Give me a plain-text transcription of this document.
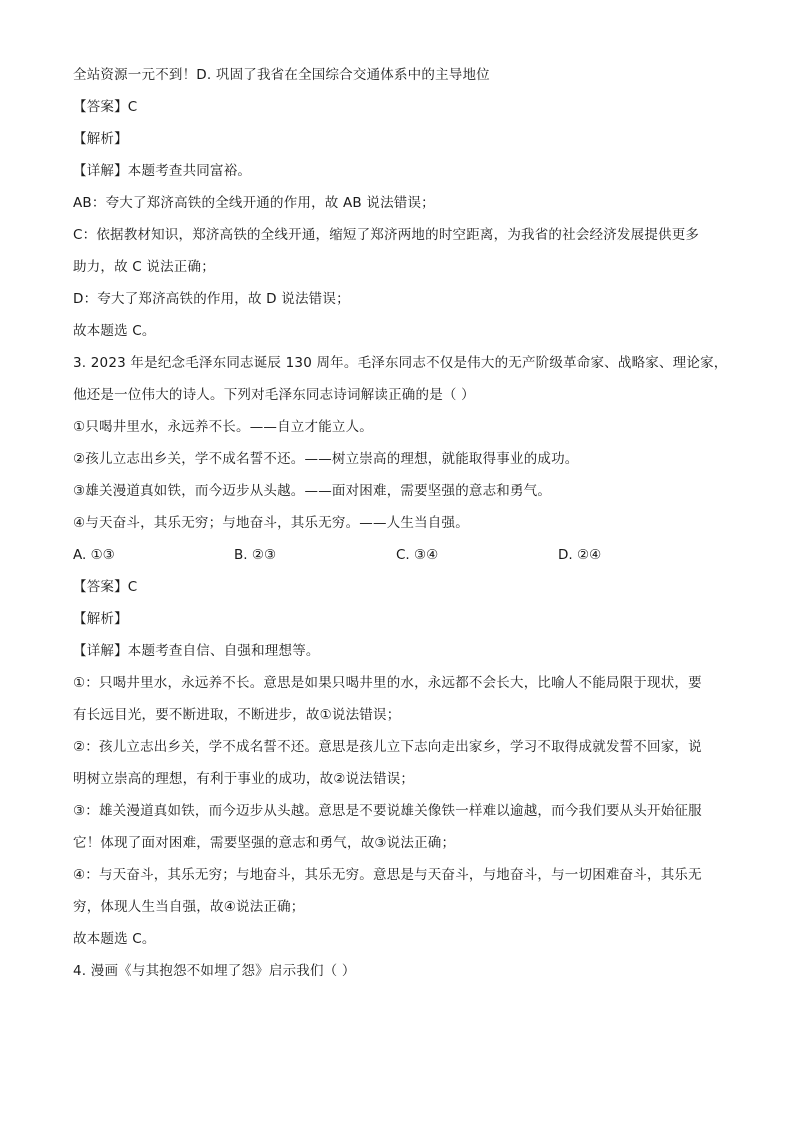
全站资源一元不到！D. 巩固了我省在全国综合交通体系中的主导地位
【答案】C
【解析】
【详解】本题考查共同富裕。
AB：夸大了郑济高铁的全线开通的作用，故 AB 说法错误；
C：依据教材知识，郑济高铁的全线开通，缩短了郑济两地的时空距离，为我省的社会经济发展提供更多
助力，故 C 说法正确；
D：夸大了郑济高铁的作用，故 D 说法错误；
故本题选 C。
3. 2023 年是纪念毛泽东同志诞辰 130 周年。毛泽东同志不仅是伟大的无产阶级革命家、战略家、理论家，
他还是一位伟大的诗人。下列对毛泽东同志诗词解读正确的是（ ）
①只喝井里水，永远养不长。——自立才能立人。
②孩儿立志出乡关，学不成名誓不还。——树立崇高的理想，就能取得事业的成功。
③雄关漫道真如铁，而今迈步从头越。——面对困难，需要坚强的意志和勇气。
④与天奋斗，其乐无穷；与地奋斗，其乐无穷。——人生当自强。
A. ①③	B. ②③	C. ③④	D. ②④
【答案】C
【解析】
【详解】本题考查自信、自强和理想等。
①：只喝井里水，永远养不长。意思是如果只喝井里的水，永远都不会长大，比喻人不能局限于现状，要
有长远目光，要不断进取，不断进步，故①说法错误；
②：孩儿立志出乡关，学不成名誓不还。意思是孩儿立下志向走出家乡，学习不取得成就发誓不回家，说
明树立崇高的理想，有利于事业的成功，故②说法错误；
③：雄关漫道真如铁，而今迈步从头越。意思是不要说雄关像铁一样难以逾越，而今我们要从头开始征服
它！体现了面对困难，需要坚强的意志和勇气，故③说法正确；
④：与天奋斗，其乐无穷；与地奋斗，其乐无穷。意思是与天奋斗，与地奋斗，与一切困难奋斗，其乐无
穷，体现人生当自强，故④说法正确；
故本题选 C。
4. 漫画《与其抱怨不如埋了怨》启示我们（ ）
